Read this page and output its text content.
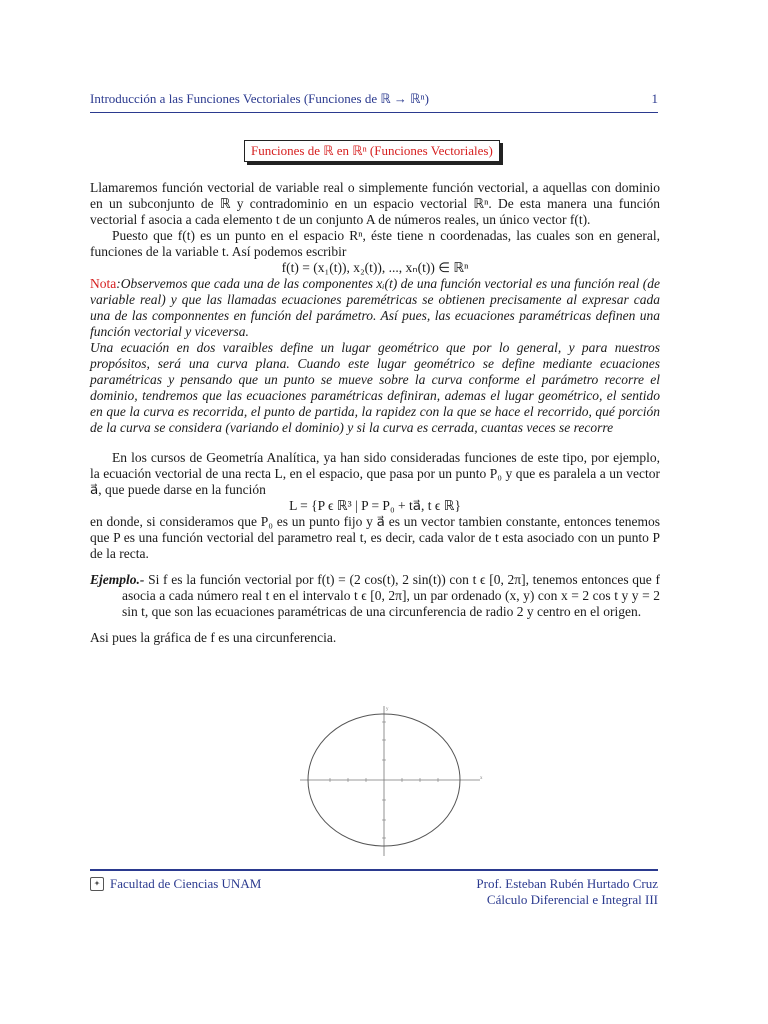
Introducción a las Funciones Vectoriales (Funciones de ℝ → ℝⁿ)	1
Funciones de ℝ en ℝⁿ (Funciones Vectoriales)

Llamaremos función vectorial de variable real o simplemente función vectorial, a aquellas con dominio en un subconjunto de ℝ y contradominio en un espacio vectorial ℝⁿ. De esta manera una función vectorial f asocia a cada elemento t de un conjunto A de números reales, un único vector f(t).

Puesto que f(t) es un punto en el espacio Rⁿ, éste tiene n coordenadas, las cuales son en general, funciones de la variable t. Así podemos escribir

f(t) = (x₁(t)), x₂(t)), ..., xₙ(t)) ∈ ℝⁿ

Nota:Observemos que cada una de las componentes xᵢ(t) de una función vectorial es una función real (de variable real) y que las llamadas ecuaciones paremétricas se obtienen precisamente al expresar cada una de las componnentes en función del parámetro. Así pues, las ecuaciones paramétricas definen una función vectorial y viceversa.

Una ecuación en dos varaibles define un lugar geométrico que por lo general, y para nuestros propósitos, será una curva plana. Cuando este lugar geométrico se define mediante ecuaciones paramétricas y pensando que un punto se mueve sobre la curva conforme el parámetro recorre el dominio, tendremos que las ecuaciones paramétricas definiran, ademas el lugar geométrico, el sentido en que la curva es recorrida, el punto de partida, la rapidez con la que se hace el recorrido, qué porción de la curva se considera (variando el dominio) y si la curva es cerrada, cuantas veces se recorre

En los cursos de Geometría Analítica, ya han sido consideradas funciones de este tipo, por ejemplo, la ecuación vectorial de una recta L, en el espacio, que pasa por un punto P₀ y que es paralela a un vector a⃗, que puede darse en la función

L = {P ϵ ℝ³ | P = P₀ + ta⃗, t ϵ ℝ}

en donde, si consideramos que P₀ es un punto fijo y a⃗ es un vector tambien constante, entonces tenemos que P es una función vectorial del parametro real t, es decir, cada valor de t esta asociado con un punto P de la recta.

Ejemplo.- Si f es la función vectorial por f(t) = (2 cos(t), 2 sin(t)) con t ϵ [0, 2π], tenemos entonces que f asocia a cada número real t en el intervalo t ϵ [0, 2π], un par ordenado (x, y) con x = 2 cos t y y = 2 sin t, que son las ecuaciones paramétricas de una circunferencia de radio 2 y centro en el origen.

Asi pues la gráfica de f es una circunferencia.

x
y
✦ Facultad de Ciencias UNAM	Prof. Esteban Rubén Hurtado Cruz
Cálculo Diferencial e Integral III
